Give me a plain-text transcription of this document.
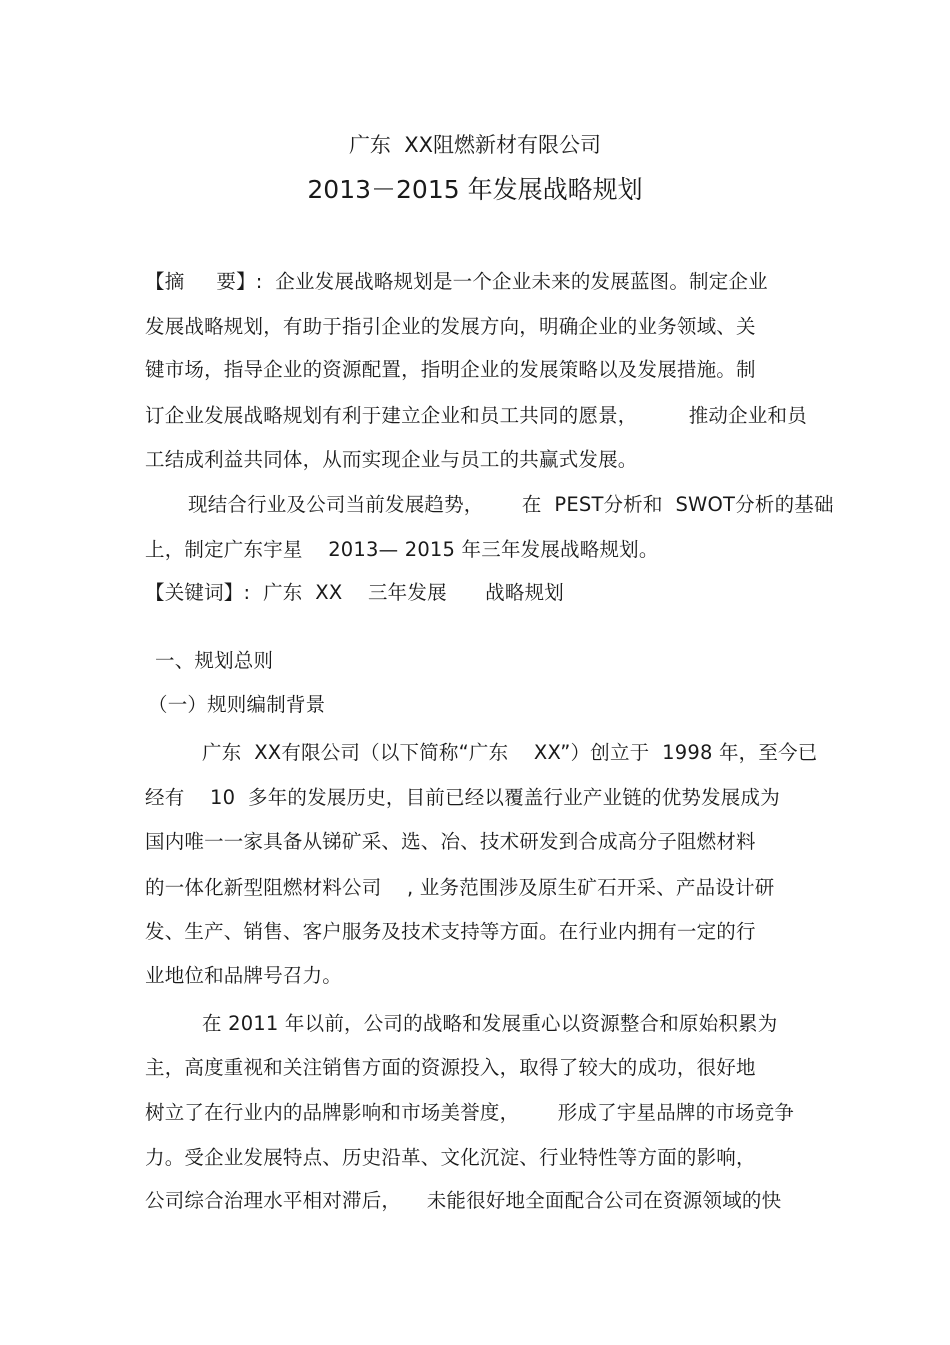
广东  XX阻燃新材有限公司
2013－2015 年发展战略规划
【摘     要】:  企业发展战略规划是一个企业未来的发展蓝图。制定企业
发展战略规划，有助于指引企业的发展方向，明确企业的业务领域、关
键市场，指导企业的资源配置，指明企业的发展策略以及发展措施。制
订企业发展战略规划有利于建立企业和员工共同的愿景，        推动企业和员
工结成利益共同体，从而实现企业与员工的共赢式发展。
现结合行业及公司当前发展趋势，      在  PEST分析和  SWOT分析的基础
上，制定广东宇星    2013— 2015 年三年发展战略规划。
【关键词】:  广东  XX    三年发展      战略规划
一、规划总则
（一）规则编制背景
广东  XX有限公司（以下简称“广东    XX”）创立于  1998 年，至今已
经有    10  多年的发展历史，目前已经以覆盖行业产业链的优势发展成为
国内唯一一家具备从锑矿采、选、冶、技术研发到合成高分子阻燃材料
的一体化新型阻燃材料公司    , 业务范围涉及原生矿石开采、产品设计研
发、生产、销售、客户服务及技术支持等方面。在行业内拥有一定的行
业地位和品牌号召力。
在 2011 年以前，公司的战略和发展重心以资源整合和原始积累为
主，高度重视和关注销售方面的资源投入，取得了较大的成功，很好地
树立了在行业内的品牌影响和市场美誉度，      形成了宇星品牌的市场竞争
力。受企业发展特点、历史沿革、文化沉淀、行业特性等方面的影响，
公司综合治理水平相对滞后，    未能很好地全面配合公司在资源领域的快
